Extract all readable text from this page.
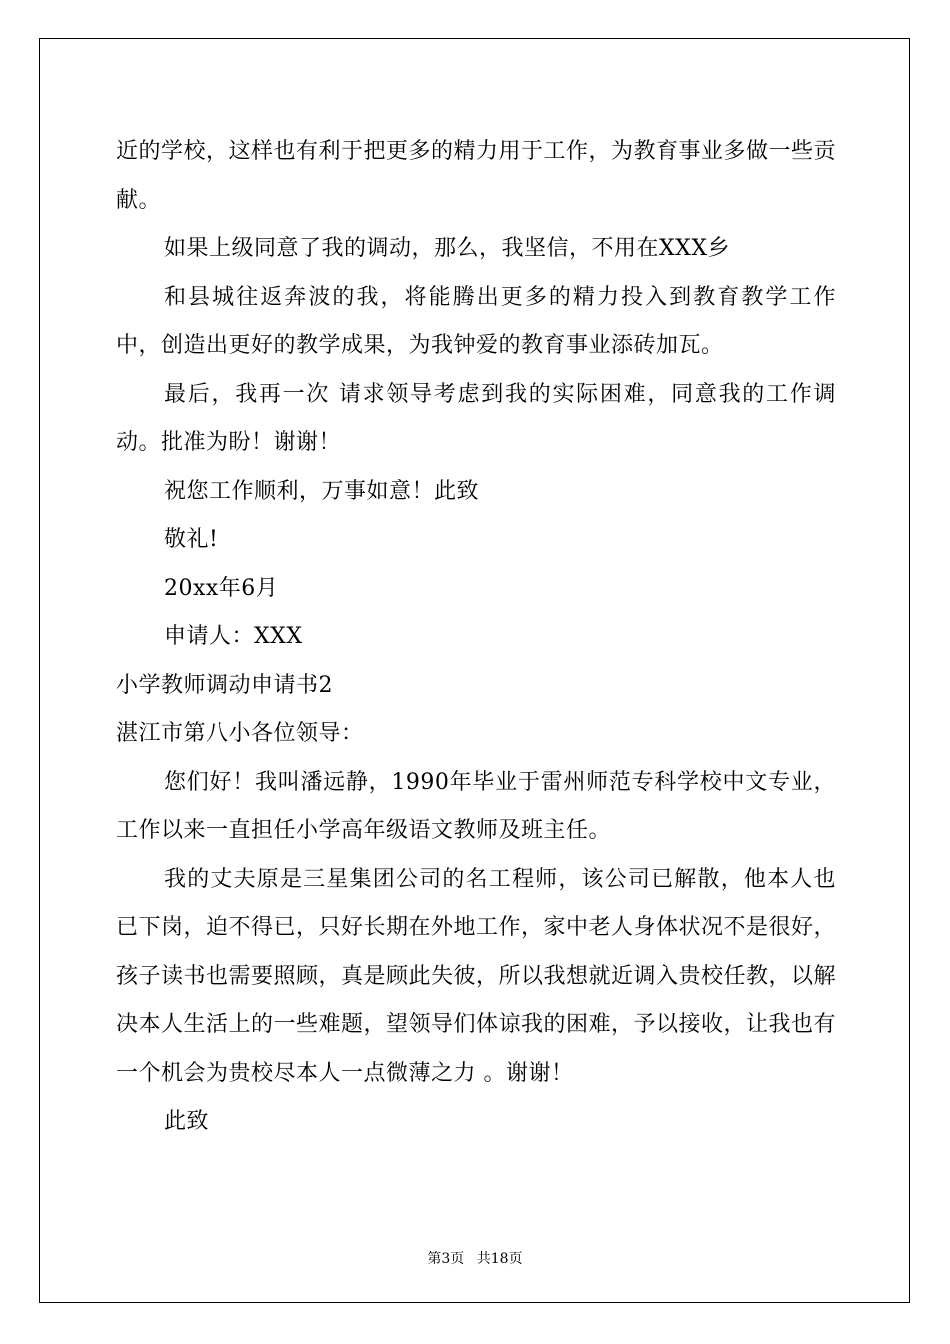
近的学校，这样也有利于把更多的精力用于工作，为教育事业多做一些贡献。

如果上级同意了我的调动，那么，我坚信，不用在XXX乡

和县城往返奔波的我，将能腾出更多的精力投入到教育教学工作中，创造出更好的教学成果，为我钟爱的教育事业添砖加瓦。

最后，我再一次 请求领导考虑到我的实际困难，同意我的工作调动。批准为盼！谢谢！

祝您工作顺利，万事如意！此致

敬礼!

20xx年6月

申请人：XXX

小学教师调动申请书2

湛江市第八小各位领导：

您们好！我叫潘远静，1990年毕业于雷州师范专科学校中文专业，工作以来一直担任小学高年级语文教师及班主任。

我的丈夫原是三星集团公司的名工程师，该公司已解散，他本人也已下岗，迫不得已，只好长期在外地工作，家中老人身体状况不是很好，孩子读书也需要照顾，真是顾此失彼，所以我想就近调入贵校任教，以解决本人生活上的一些难题，望领导们体谅我的困难，予以接收，让我也有一个机会为贵校尽本人一点微薄之力 。谢谢！

此致

第3页 共18页
